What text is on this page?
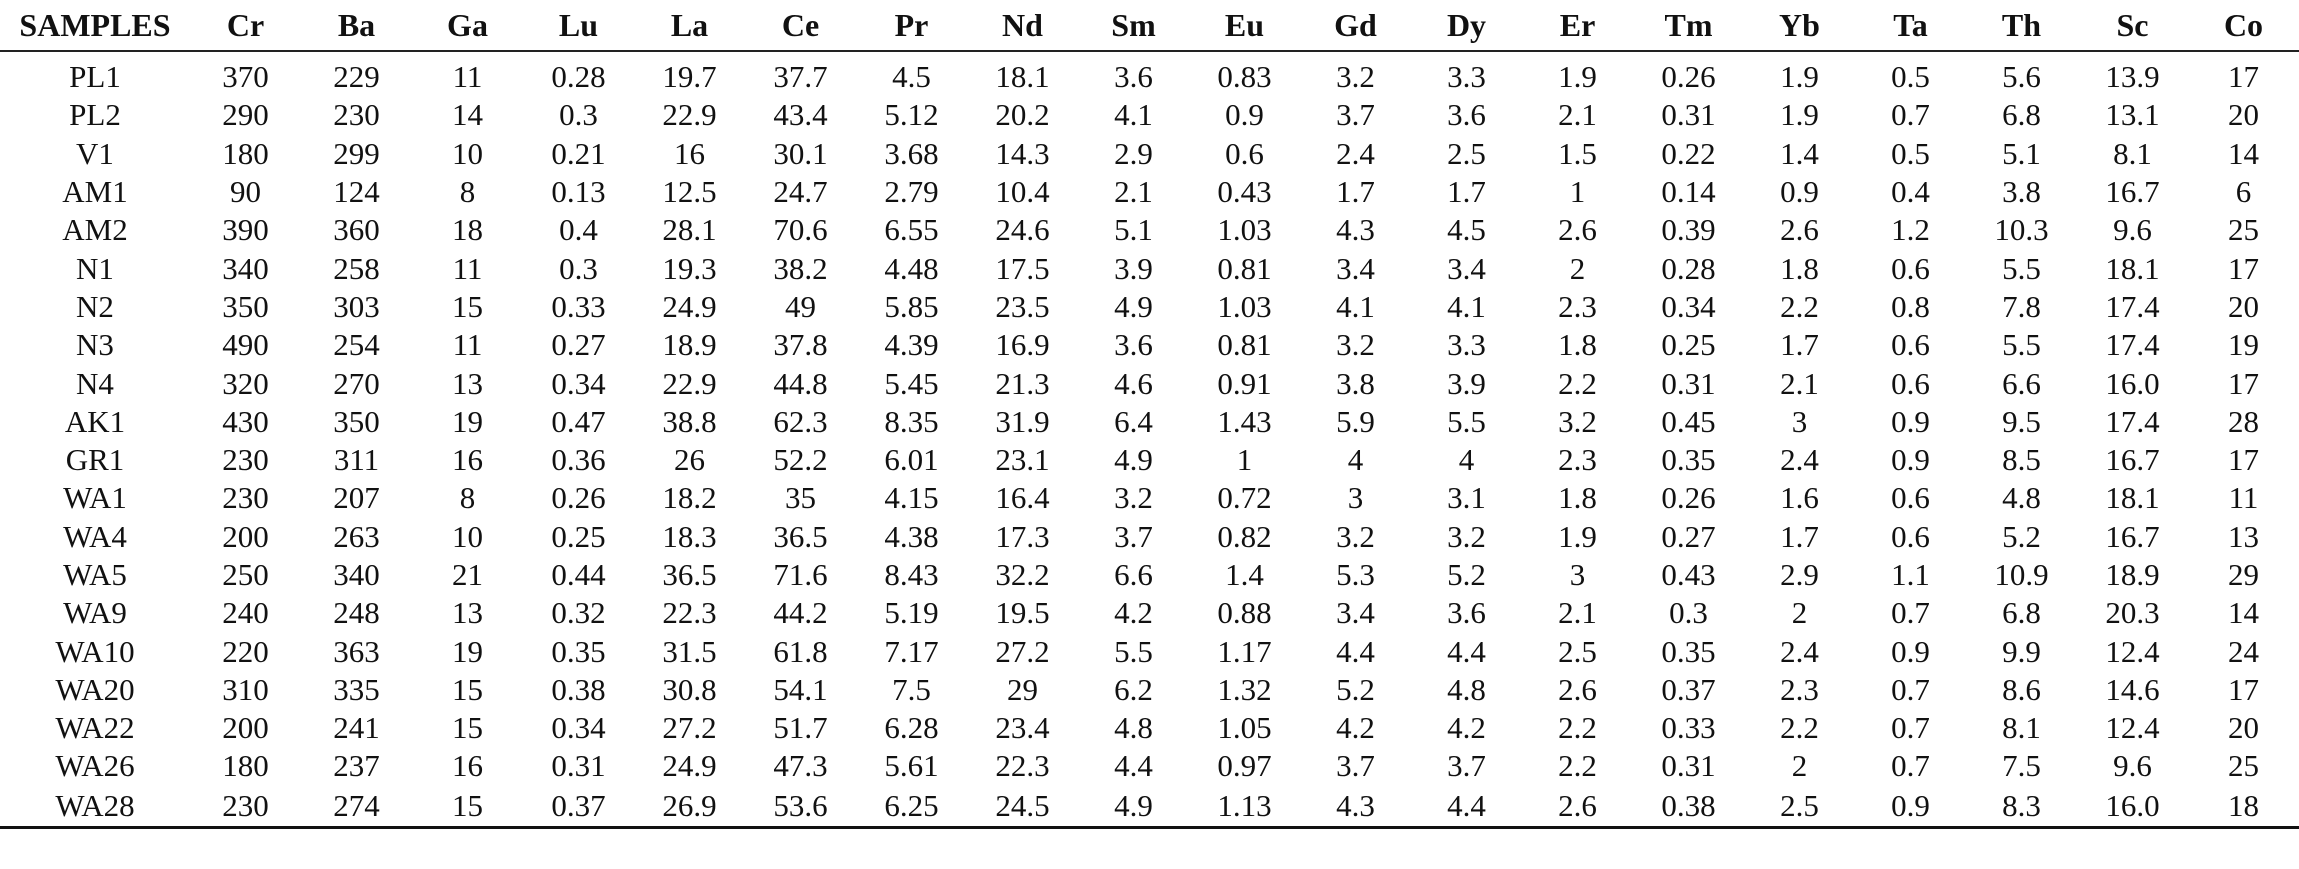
SAMPLES	Cr	Ba	Ga	Lu	La	Ce	Pr	Nd	Sm	Eu	Gd	Dy	Er	Tm	Yb	Ta	Th	Sc	Co
PL1	370	229	11	0.28	19.7	37.7	4.5	18.1	3.6	0.83	3.2	3.3	1.9	0.26	1.9	0.5	5.6	13.9	17
PL2	290	230	14	0.3	22.9	43.4	5.12	20.2	4.1	0.9	3.7	3.6	2.1	0.31	1.9	0.7	6.8	13.1	20
V1	180	299	10	0.21	16	30.1	3.68	14.3	2.9	0.6	2.4	2.5	1.5	0.22	1.4	0.5	5.1	8.1	14
AM1	90	124	8	0.13	12.5	24.7	2.79	10.4	2.1	0.43	1.7	1.7	1	0.14	0.9	0.4	3.8	16.7	6
AM2	390	360	18	0.4	28.1	70.6	6.55	24.6	5.1	1.03	4.3	4.5	2.6	0.39	2.6	1.2	10.3	9.6	25
N1	340	258	11	0.3	19.3	38.2	4.48	17.5	3.9	0.81	3.4	3.4	2	0.28	1.8	0.6	5.5	18.1	17
N2	350	303	15	0.33	24.9	49	5.85	23.5	4.9	1.03	4.1	4.1	2.3	0.34	2.2	0.8	7.8	17.4	20
N3	490	254	11	0.27	18.9	37.8	4.39	16.9	3.6	0.81	3.2	3.3	1.8	0.25	1.7	0.6	5.5	17.4	19
N4	320	270	13	0.34	22.9	44.8	5.45	21.3	4.6	0.91	3.8	3.9	2.2	0.31	2.1	0.6	6.6	16.0	17
AK1	430	350	19	0.47	38.8	62.3	8.35	31.9	6.4	1.43	5.9	5.5	3.2	0.45	3	0.9	9.5	17.4	28
GR1	230	311	16	0.36	26	52.2	6.01	23.1	4.9	1	4	4	2.3	0.35	2.4	0.9	8.5	16.7	17
WA1	230	207	8	0.26	18.2	35	4.15	16.4	3.2	0.72	3	3.1	1.8	0.26	1.6	0.6	4.8	18.1	11
WA4	200	263	10	0.25	18.3	36.5	4.38	17.3	3.7	0.82	3.2	3.2	1.9	0.27	1.7	0.6	5.2	16.7	13
WA5	250	340	21	0.44	36.5	71.6	8.43	32.2	6.6	1.4	5.3	5.2	3	0.43	2.9	1.1	10.9	18.9	29
WA9	240	248	13	0.32	22.3	44.2	5.19	19.5	4.2	0.88	3.4	3.6	2.1	0.3	2	0.7	6.8	20.3	14
WA10	220	363	19	0.35	31.5	61.8	7.17	27.2	5.5	1.17	4.4	4.4	2.5	0.35	2.4	0.9	9.9	12.4	24
WA20	310	335	15	0.38	30.8	54.1	7.5	29	6.2	1.32	5.2	4.8	2.6	0.37	2.3	0.7	8.6	14.6	17
WA22	200	241	15	0.34	27.2	51.7	6.28	23.4	4.8	1.05	4.2	4.2	2.2	0.33	2.2	0.7	8.1	12.4	20
WA26	180	237	16	0.31	24.9	47.3	5.61	22.3	4.4	0.97	3.7	3.7	2.2	0.31	2	0.7	7.5	9.6	25
WA28	230	274	15	0.37	26.9	53.6	6.25	24.5	4.9	1.13	4.3	4.4	2.6	0.38	2.5	0.9	8.3	16.0	18
